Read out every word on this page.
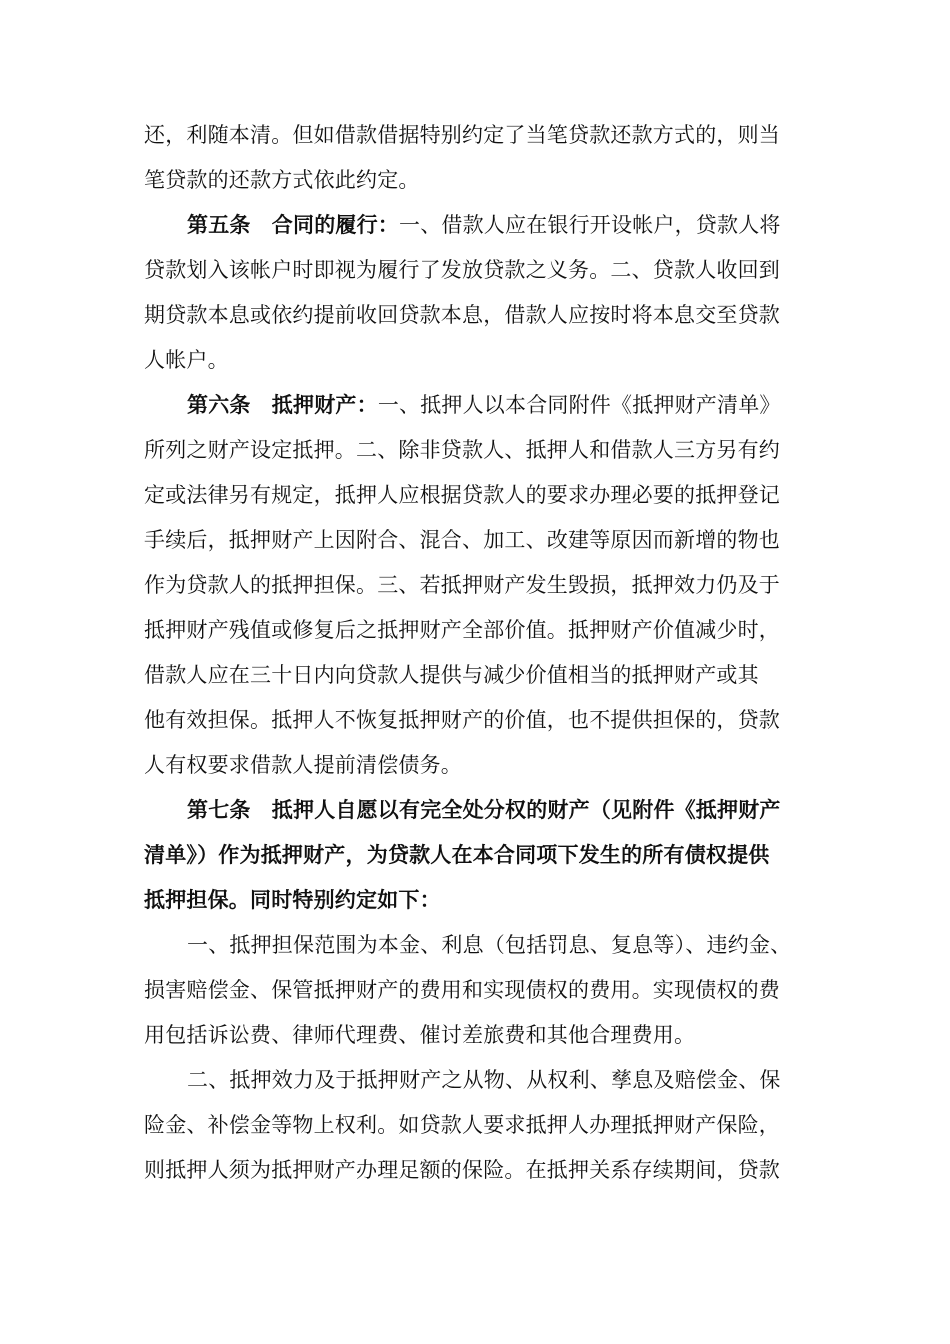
还，利随本清。但如借款借据特别约定了当笔贷款还款方式的，则当
笔贷款的还款方式依此约定。
第五条　合同的履行：一、借款人应在银行开设帐户，贷款人将
贷款划入该帐户时即视为履行了发放贷款之义务。二、贷款人收回到
期贷款本息或依约提前收回贷款本息，借款人应按时将本息交至贷款
人帐户。
第六条　抵押财产：一、抵押人以本合同附件《抵押财产清单》
所列之财产设定抵押。二、除非贷款人、抵押人和借款人三方另有约
定或法律另有规定，抵押人应根据贷款人的要求办理必要的抵押登记
手续后，抵押财产上因附合、混合、加工、改建等原因而新增的物也
作为贷款人的抵押担保。三、若抵押财产发生毁损，抵押效力仍及于
抵押财产残值或修复后之抵押财产全部价值。抵押财产价值减少时，
借款人应在三十日内向贷款人提供与减少价值相当的抵押财产或其
他有效担保。抵押人不恢复抵押财产的价值，也不提供担保的，贷款
人有权要求借款人提前清偿债务。
第七条　抵押人自愿以有完全处分权的财产（见附件《抵押财产
清单》）作为抵押财产，为贷款人在本合同项下发生的所有债权提供
抵押担保。同时特别约定如下：
一、抵押担保范围为本金、利息（包括罚息、复息等）、违约金、
损害赔偿金、保管抵押财产的费用和实现债权的费用。实现债权的费
用包括诉讼费、律师代理费、催讨差旅费和其他合理费用。
二、抵押效力及于抵押财产之从物、从权利、孳息及赔偿金、保
险金、补偿金等物上权利。如贷款人要求抵押人办理抵押财产保险，
则抵押人须为抵押财产办理足额的保险。在抵押关系存续期间，贷款
